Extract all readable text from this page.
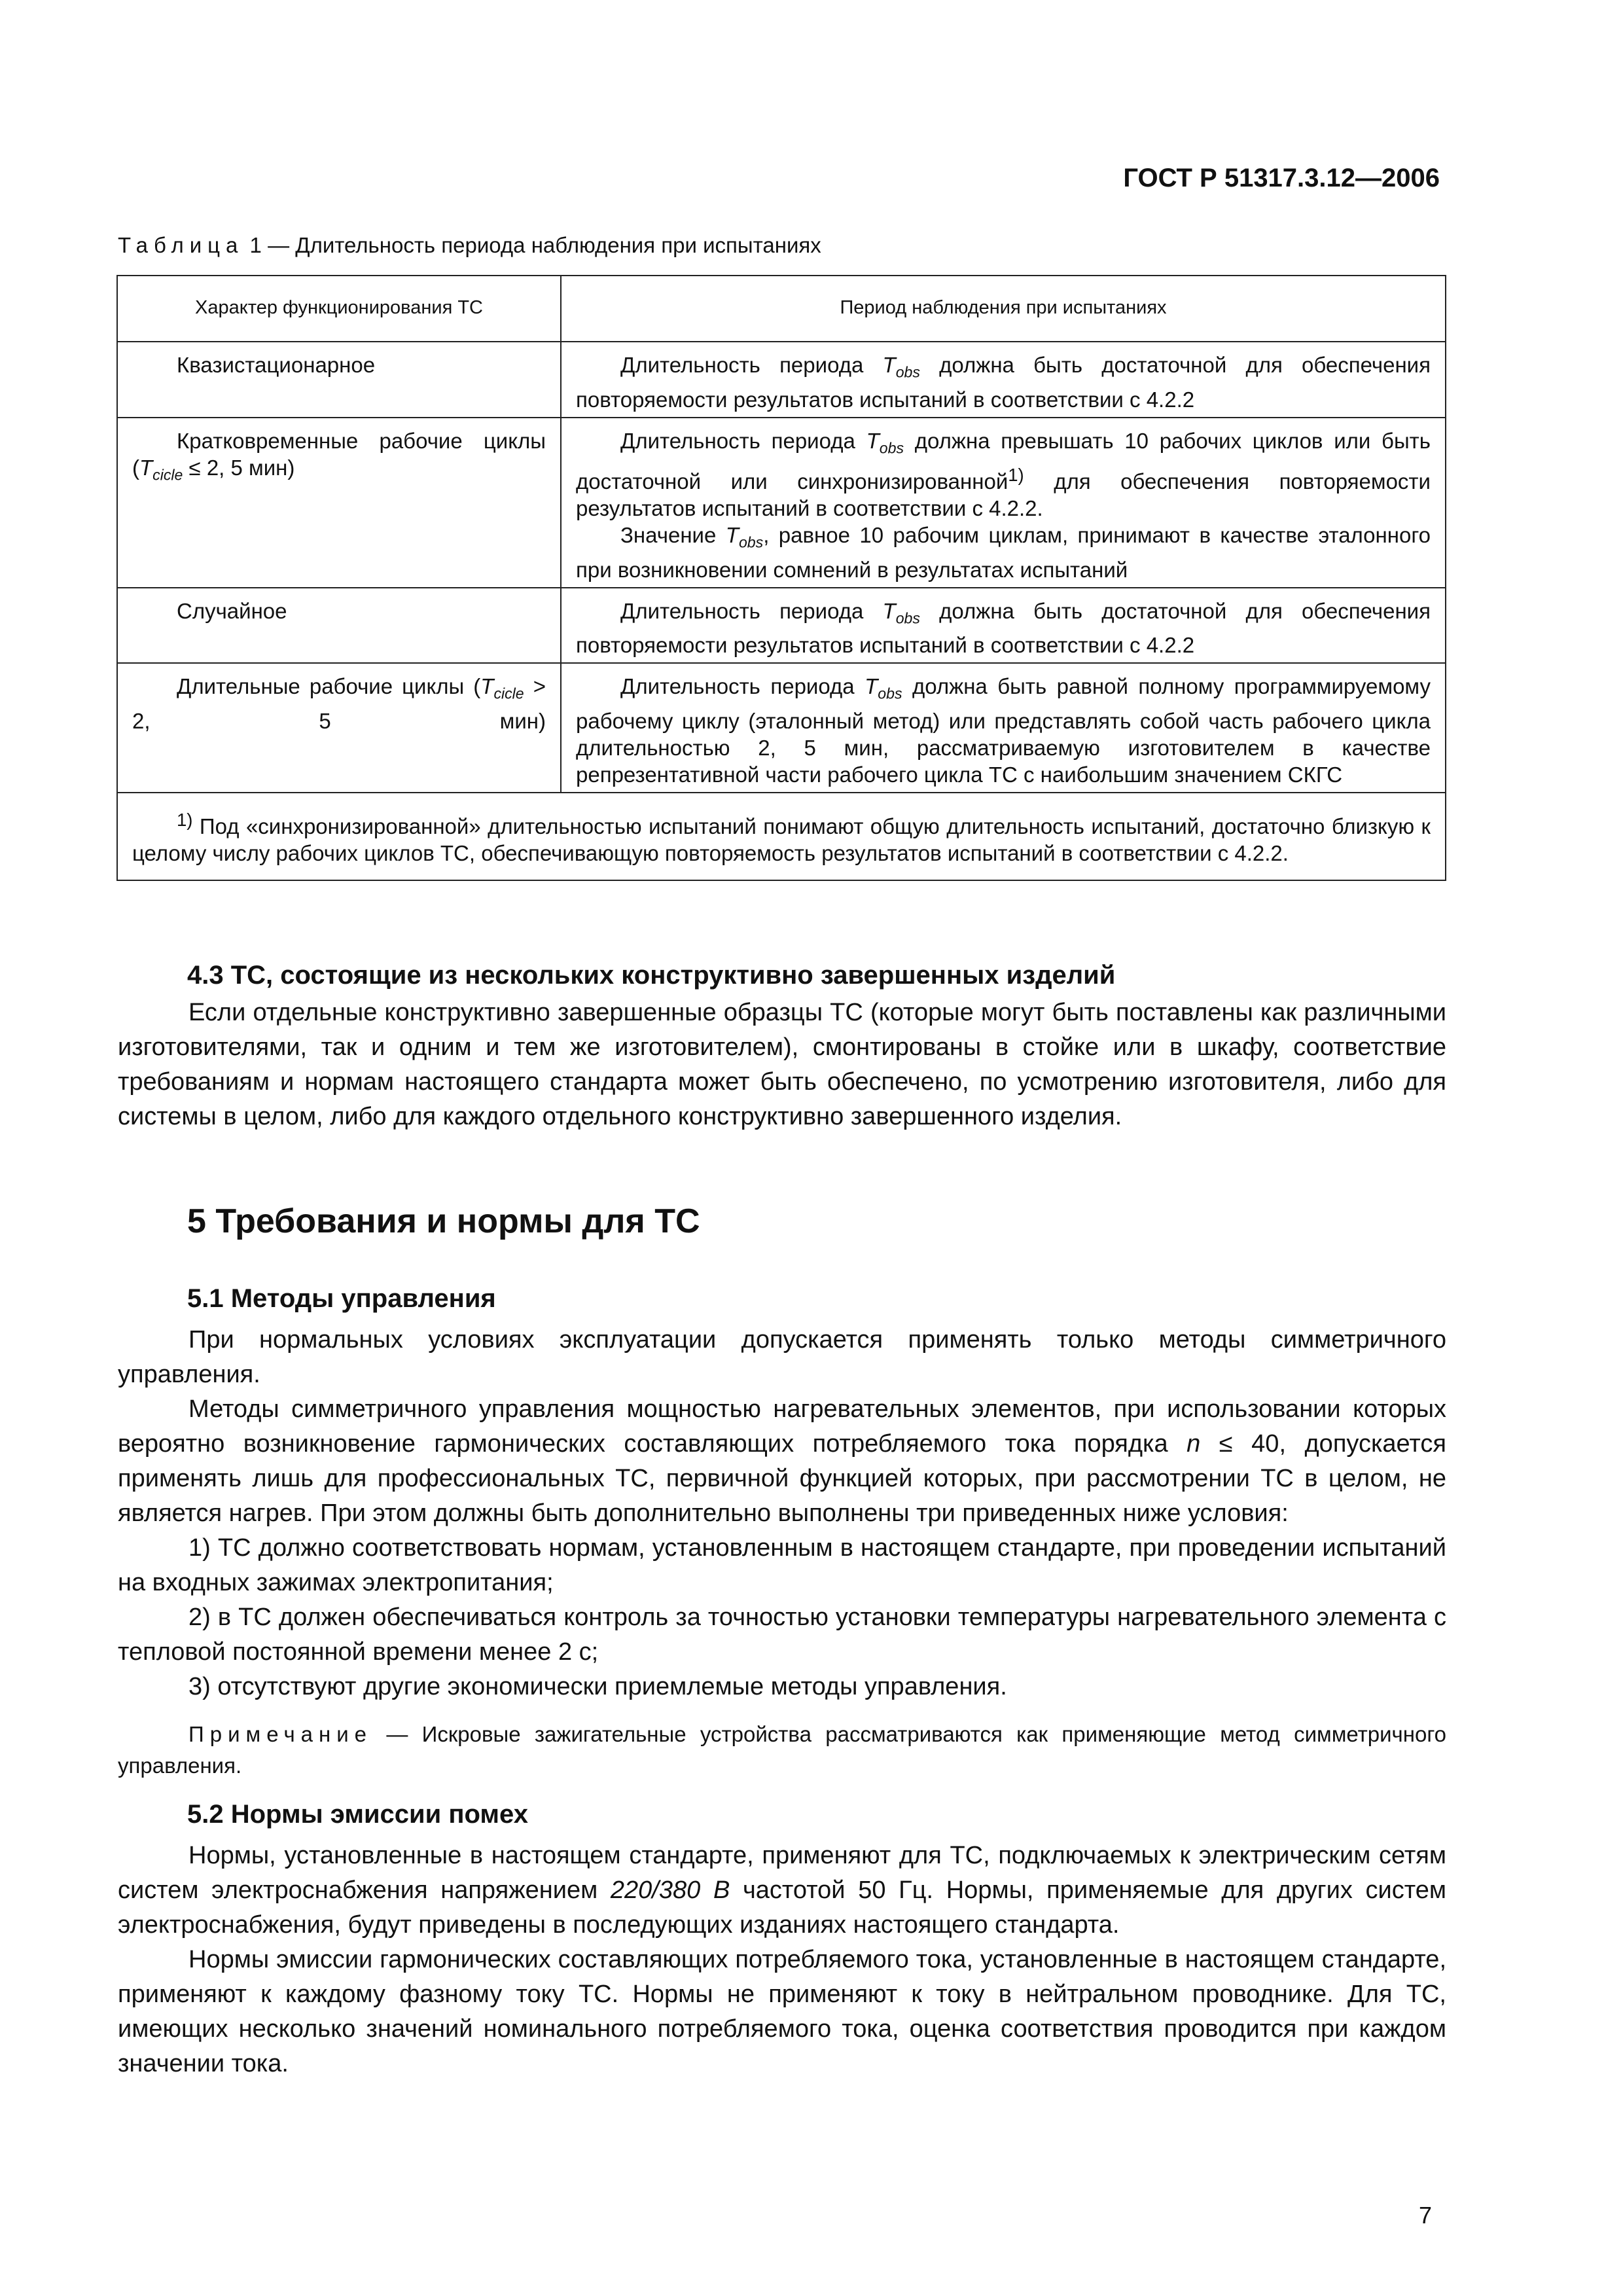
ГОСТ Р 51317.3.12—2006
Таблица 1 — Длительность периода наблюдения при испытаниях
Характер функционирования ТС	Период наблюдения при испытаниях

Квазистационарное	Длительность периода $T_{obs}$ должна быть достаточной для обеспечения повторяемости результатов испытаний в соответствии с 4.2.2

Кратковременные рабочие циклы ($T_{cicle} \le 2$, 5 мин)	Длительность периода $T_{obs}$ должна превышать 10 рабочих циклов или быть достаточной или синхронизированной$^{1)}$ для обеспечения повторяемости результатов испытаний в соответствии с 4.2.2.

Значение $T_{obs}$, равное 10 рабочим циклам, принимают в качестве эталонного при возникновении сомнений в результатах испытаний

Случайное	Длительность периода $T_{obs}$ должна быть достаточной для обеспечения повторяемости результатов испытаний в соответствии с 4.2.2

Длительные рабочие циклы ($T_{cicle} > 2$, 5 мин)	Длительность периода $T_{obs}$ должна быть равной полному программируемому рабочему циклу (эталонный метод) или представлять собой часть рабочего цикла длительностью 2, 5 мин, рассматриваемую изготовителем в качестве репрезентативной части рабочего цикла ТС с наибольшим значением СКГС

$^{1)}$ Под «синхронизированной» длительностью испытаний понимают общую длительность испытаний, достаточно близкую к целому числу рабочих циклов ТС, обеспечивающую повторяемость результатов испытаний в соответствии с 4.2.2.	

4.3 ТС, состоящие из нескольких конструктивно завершенных изделий

Если отдельные конструктивно завершенные образцы ТС (которые могут быть поставлены как различными изготовителями, так и одним и тем же изготовителем), смонтированы в стойке или в шкафу, соответствие требованиям и нормам настоящего стандарта может быть обеспечено, по усмотрению изготовителя, либо для системы в целом, либо для каждого отдельного конструктивно завершенного изделия.

5 Требования и нормы для ТС
5.1 Методы управления

При нормальных условиях эксплуатации допускается применять только методы симметричного управления.

Методы симметричного управления мощностью нагревательных элементов, при использовании которых вероятно возникновение гармонических составляющих потребляемого тока порядка n ≤ 40, допускается применять лишь для профессиональных ТС, первичной функцией которых, при рассмотрении ТС в целом, не является нагрев. При этом должны быть дополнительно выполнены три приведенных ниже условия:

1) ТС должно соответствовать нормам, установленным в настоящем стандарте, при проведении испытаний на входных зажимах электропитания;

2) в ТС должен обеспечиваться контроль за точностью установки температуры нагревательного элемента с тепловой постоянной времени менее 2 с;

3) отсутствуют другие экономически приемлемые методы управления.

Примечание — Искровые зажигательные устройства рассматриваются как применяющие метод симметричного управления.

5.2 Нормы эмиссии помех

Нормы, установленные в настоящем стандарте, применяют для ТС, подключаемых к электрическим сетям систем электроснабжения напряжением 220/380 В частотой 50 Гц. Нормы, применяемые для других систем электроснабжения, будут приведены в последующих изданиях настоящего стандарта.

Нормы эмиссии гармонических составляющих потребляемого тока, установленные в настоящем стандарте, применяют к каждому фазному току ТС. Нормы не применяют к току в нейтральном проводнике. Для ТС, имеющих несколько значений номинального потребляемого тока, оценка соответствия проводится при каждом значении тока.

7
